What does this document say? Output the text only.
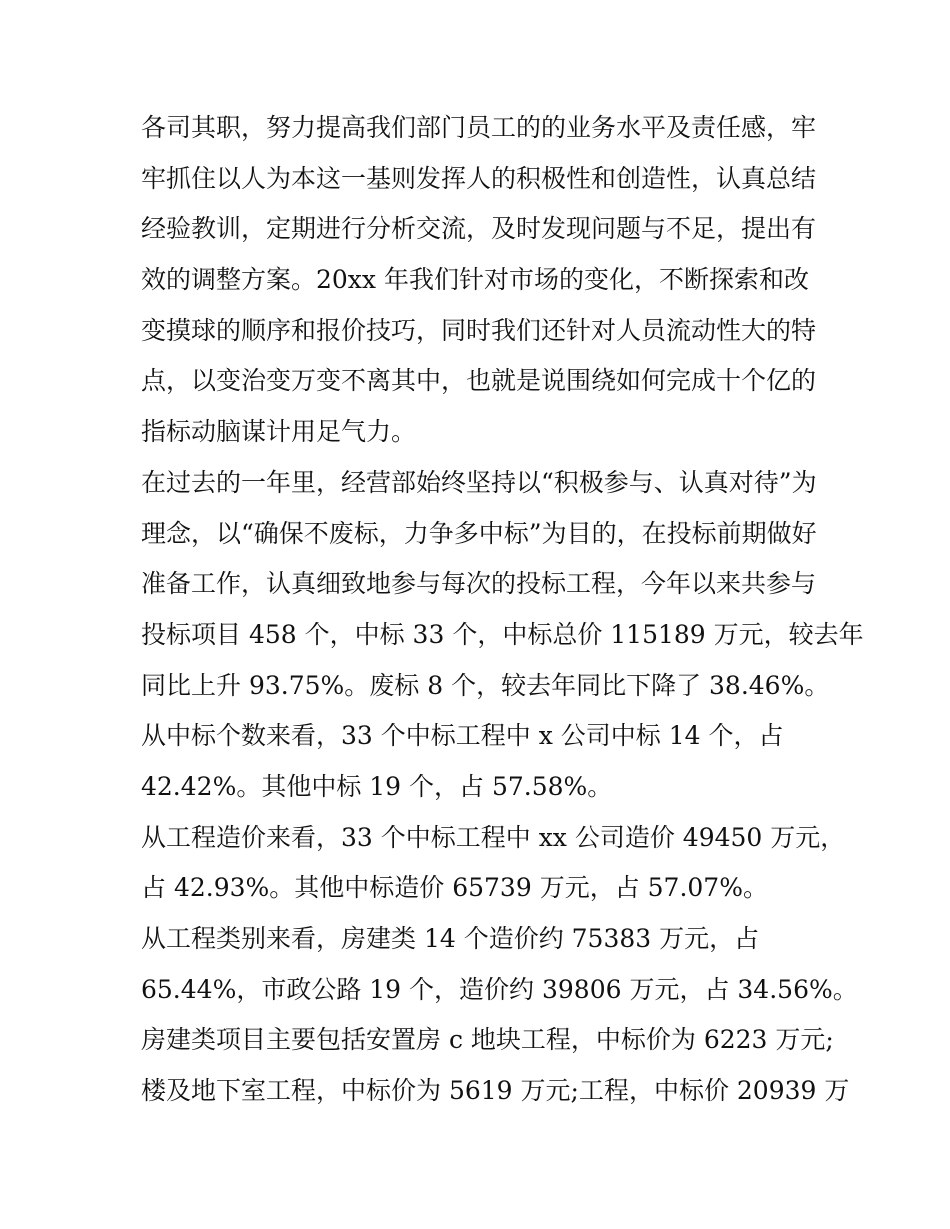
各司其职，努力提高我们部门员工的的业务水平及责任感，牢
牢抓住以人为本这一基则发挥人的积极性和创造性，认真总结
经验教训，定期进行分析交流，及时发现问题与不足，提出有
效的调整方案。20xx 年我们针对市场的变化，不断探索和改
变摸球的顺序和报价技巧，同时我们还针对人员流动性大的特
点，以变治变万变不离其中，也就是说围绕如何完成十个亿的
指标动脑谋计用足气力。
在过去的一年里，经营部始终坚持以“积极参与、认真对待”为
理念，以“确保不废标，力争多中标”为目的，在投标前期做好
准备工作，认真细致地参与每次的投标工程，今年以来共参与
投标项目 458 个，中标 33 个，中标总价 115189 万元，较去年
同比上升 93.75%。废标 8 个，较去年同比下降了 38.46%。
从中标个数来看，33 个中标工程中 x 公司中标 14 个，占
42.42%。其他中标 19 个，占 57.58%。
从工程造价来看，33 个中标工程中 xx 公司造价 49450 万元，
占 42.93%。其他中标造价 65739 万元，占 57.07%。
从工程类别来看，房建类 14 个造价约 75383 万元，占
65.44%，市政公路 19 个，造价约 39806 万元，占 34.56%。
房建类项目主要包括安置房 c 地块工程，中标价为 6223 万元;
楼及地下室工程，中标价为 5619 万元;工程，中标价 20939 万
